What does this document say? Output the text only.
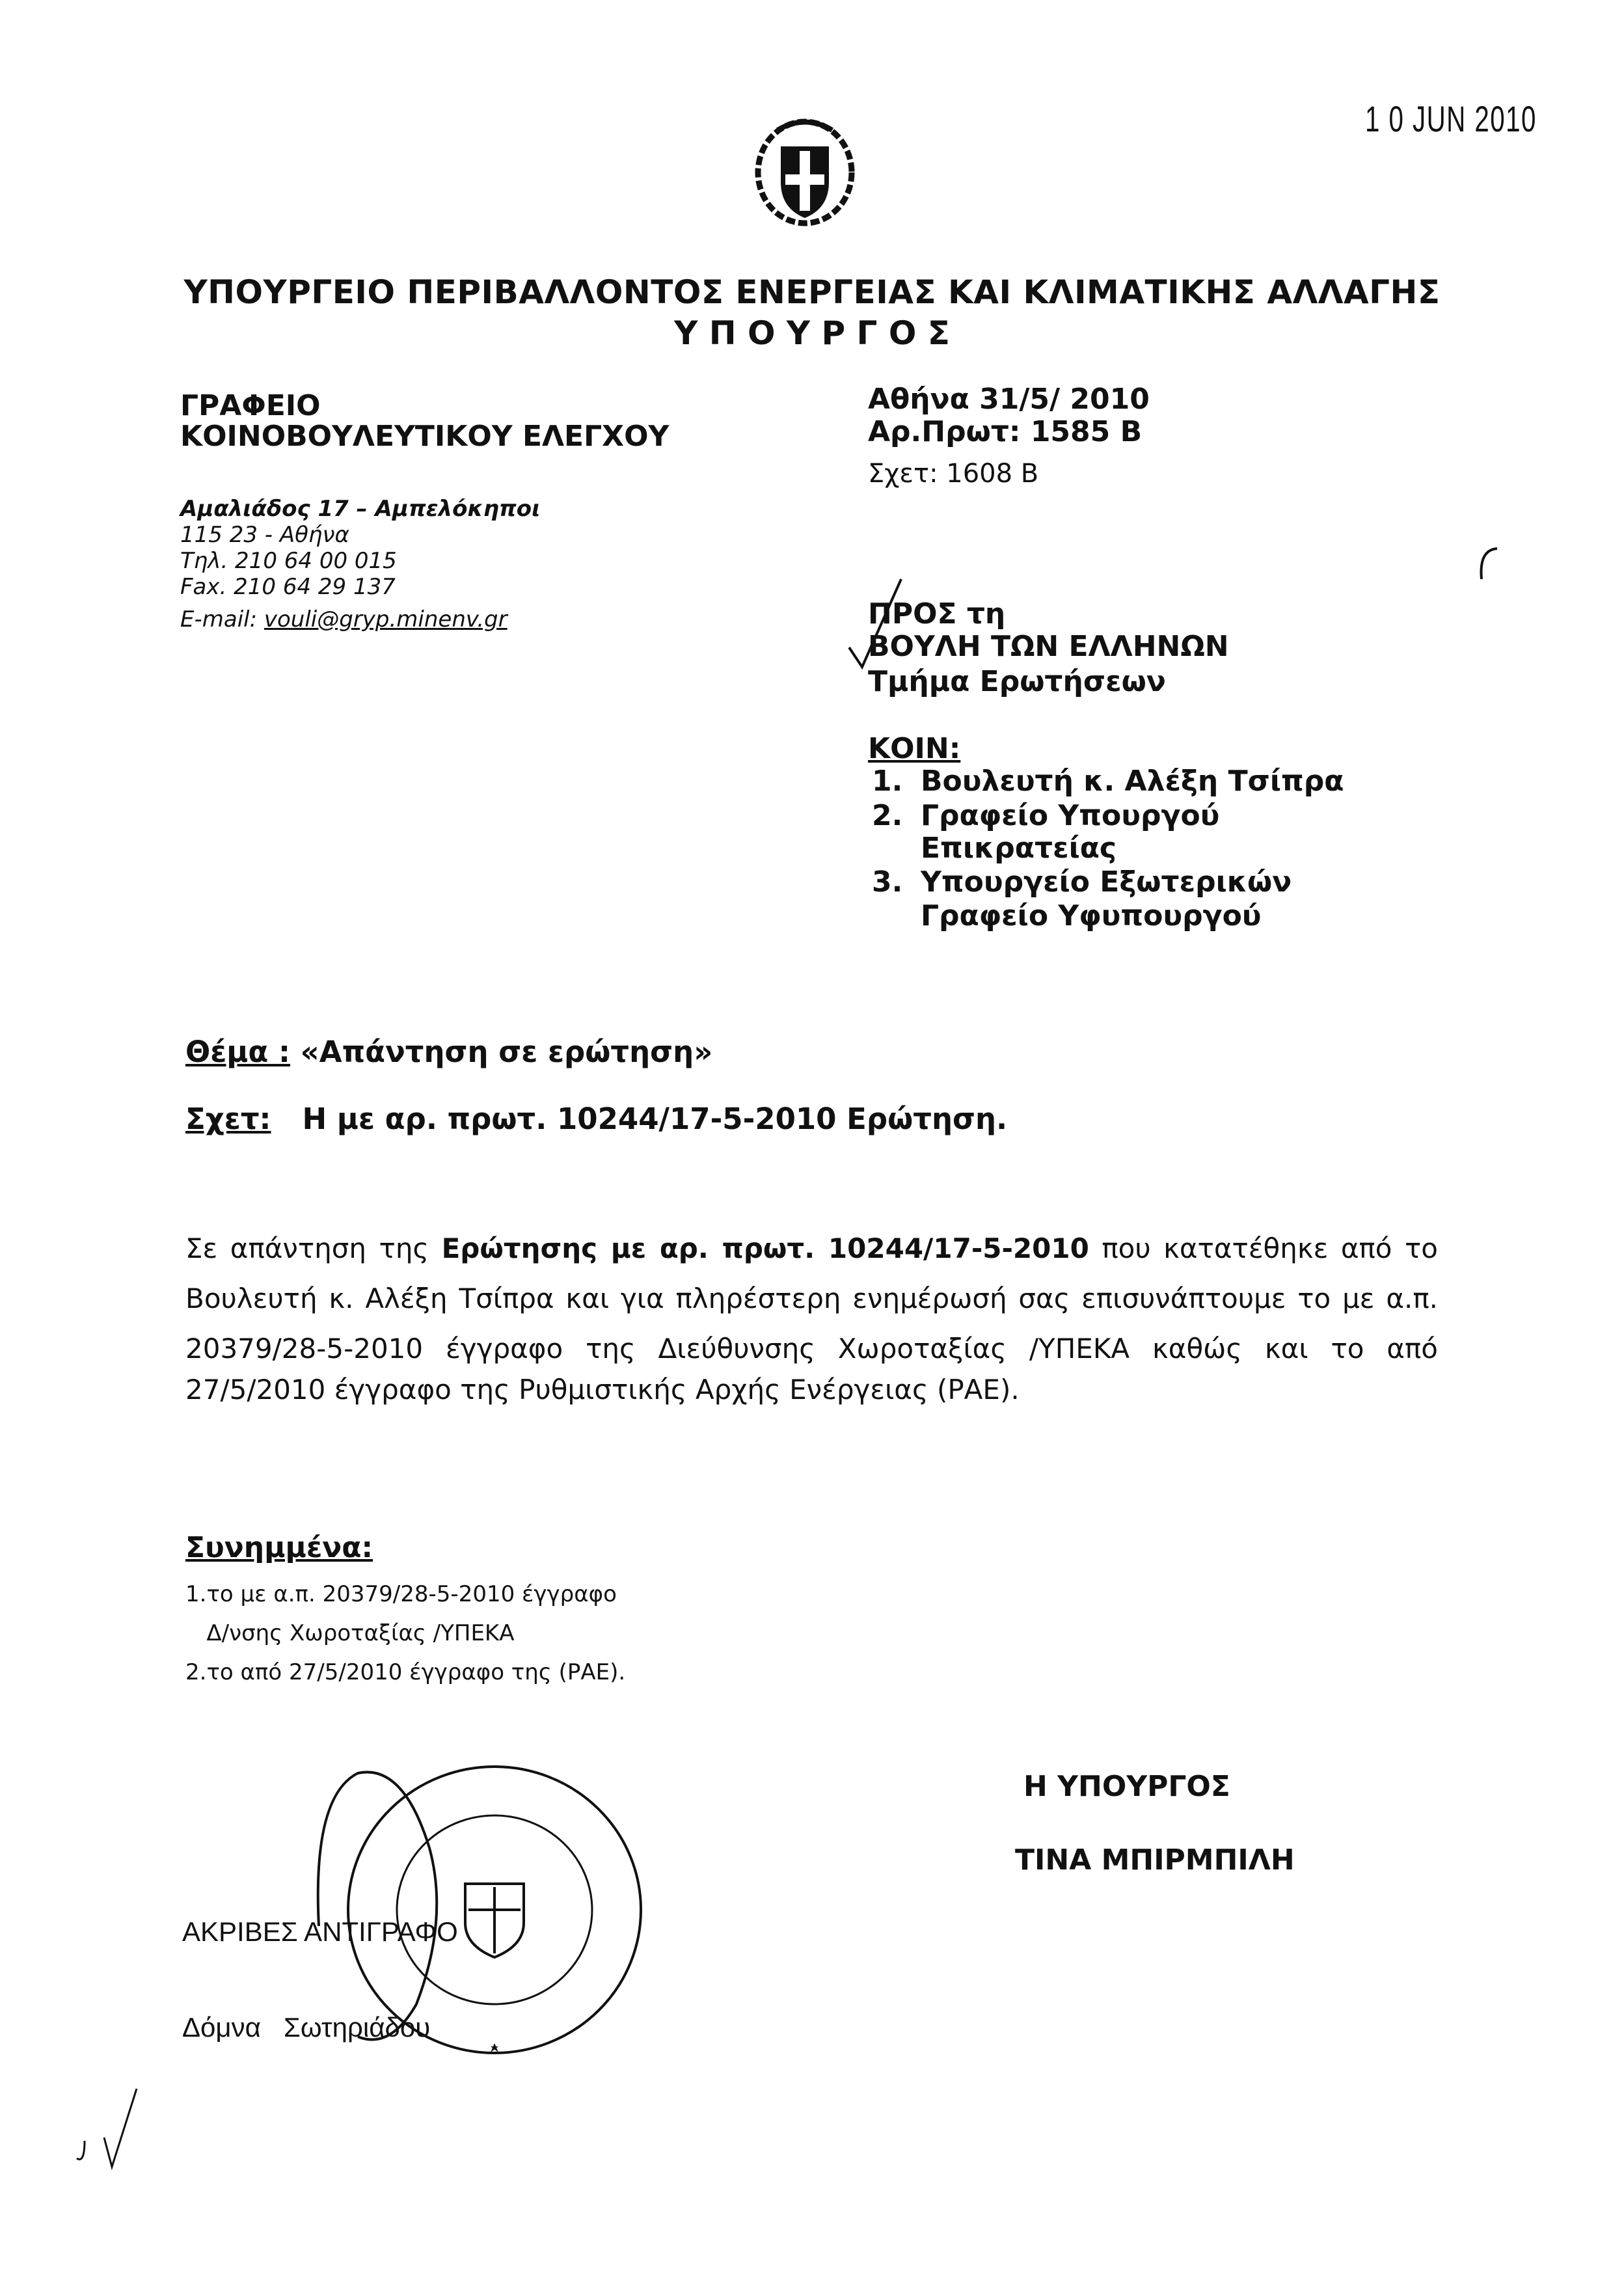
1 0 JUN 2010
ΥΠΟΥΡΓΕΙΟ ΠΕΡΙΒΑΛΛΟΝΤΟΣ ΕΝΕΡΓΕΙΑΣ ΚΑΙ ΚΛΙΜΑΤΙΚΗΣ ΑΛΛΑΓΗΣ
Υ Π Ο Υ Ρ Γ Ο Σ
ΓΡΑΦΕΙΟ
ΚΟΙΝΟΒΟΥΛΕΥΤΙΚΟΥ ΕΛΕΓΧΟΥ
Αμαλιάδος 17 – Αμπελόκηποι
115 23 - Αθήνα
Τηλ. 210 64 00 015
Fax. 210 64 29 137
E-mail: vouli@gryp.minenv.gr
Αθήνα 31/5/ 2010
Αρ.Πρωτ: 1585 Β
Σχετ: 1608 Β
ΠΡΟΣ τη
ΒΟΥΛΗ ΤΩΝ ΕΛΛΗΝΩΝ
Τμήμα Ερωτήσεων
ΚΟΙΝ:
1. Βουλευτή κ. Αλέξη Τσίπρα
2. Γραφείο Υπουργού
Επικρατείας
3. Υπουργείο Εξωτερικών
Γραφείο Υφυπουργού
Θέμα : «Απάντηση σε ερώτηση»
Σχετ: Η με αρ. πρωτ. 10244/17-5-2010 Ερώτηση.
Σε απάντηση της Ερώτησης με αρ. πρωτ. 10244/17-5-2010 που κατατέθηκε από το Βουλευτή κ. Αλέξη Τσίπρα και για πληρέστερη ενημέρωσή σας επισυνάπτουμε το με α.π. 20379/28-5-2010 έγγραφο της Διεύθυνσης Χωροταξίας /ΥΠΕΚΑ καθώς και το από
27/5/2010 έγγραφο της Ρυθμιστικής Αρχής Ενέργειας (ΡΑΕ).
Συνημμένα:
1.το με α.π. 20379/28-5-2010 έγγραφο
Δ/νσης Χωροταξίας /ΥΠΕΚΑ
2.το από 27/5/2010 έγγραφο της (ΡΑΕ).
Η ΥΠΟΥΡΓΟΣ
ΤΙΝΑ ΜΠΙΡΜΠΙΛΗ
ΑΚΡΙΒΕΣ ΑΝΤΙΓΡΑΦΟ
Δόμνα   Σωτηριάδου
